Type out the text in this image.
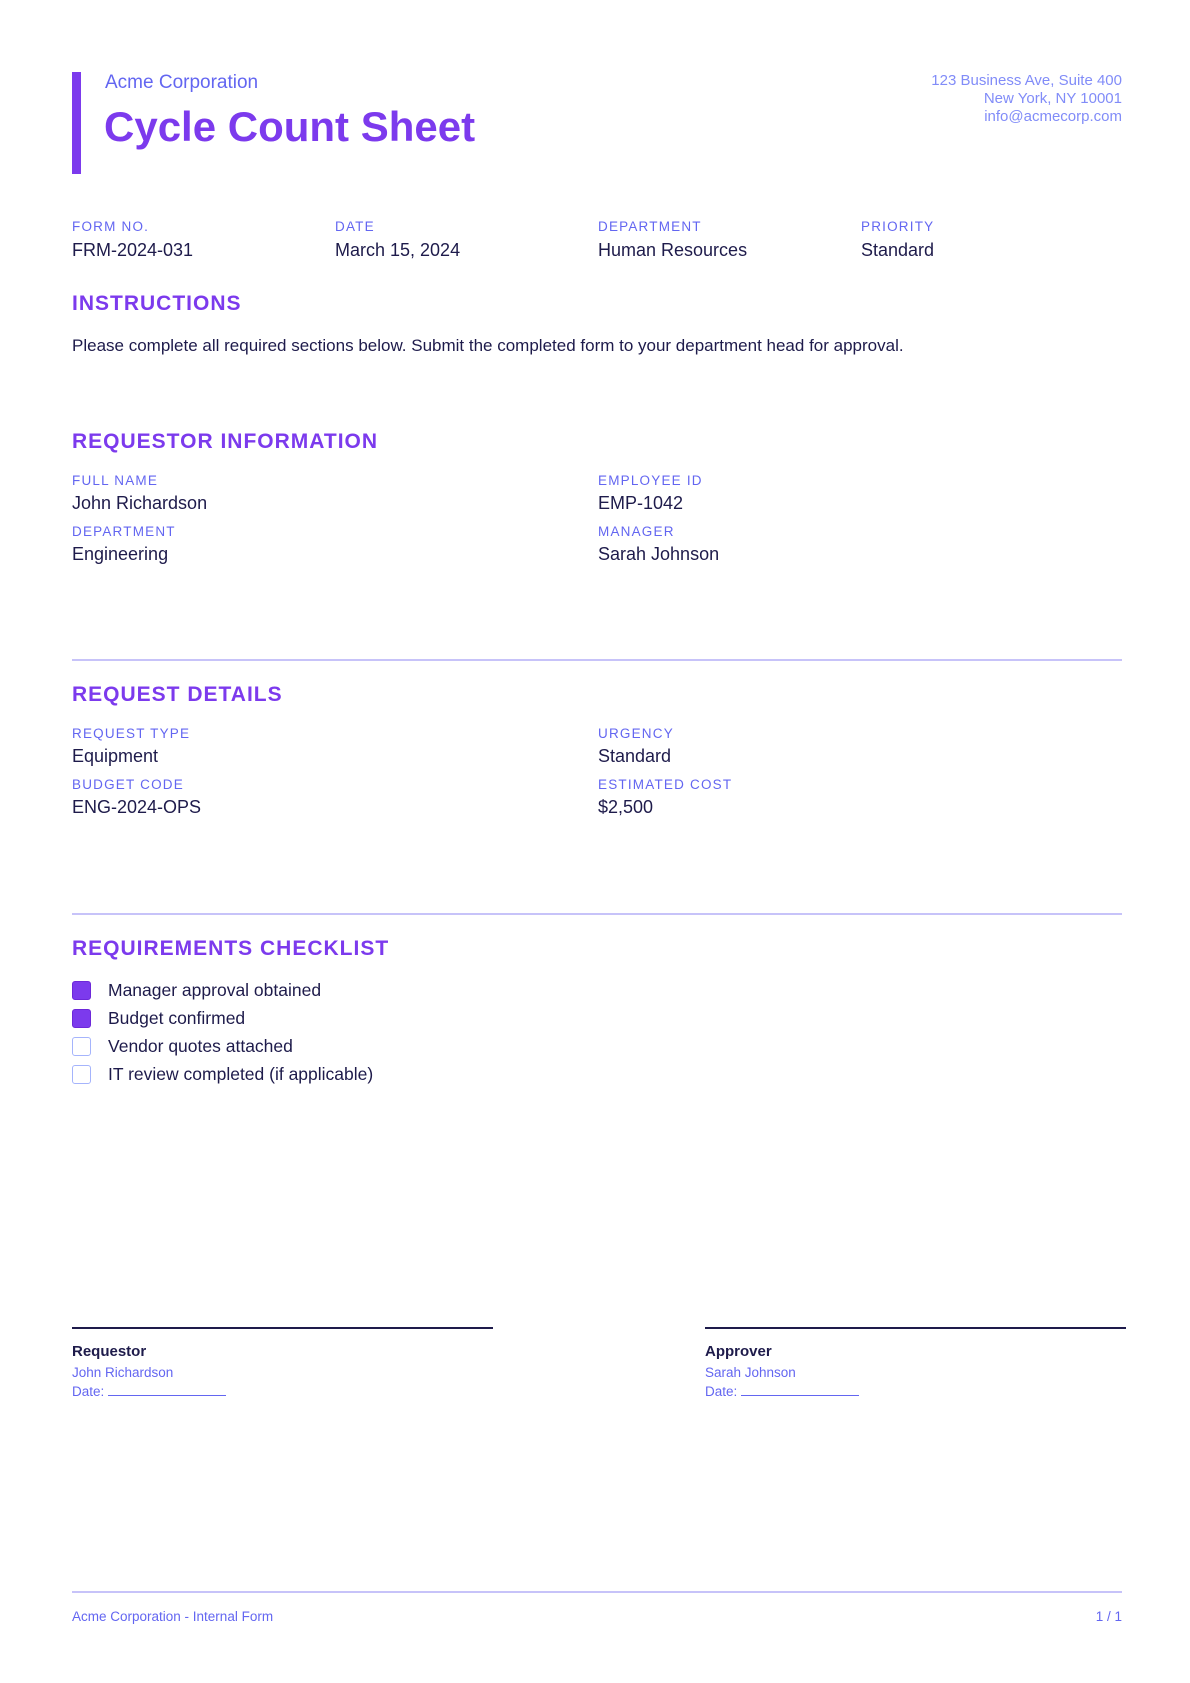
Acme Corporation
Cycle Count Sheet
123 Business Ave, Suite 400
New York, NY 10001
info@acmecorp.com
FORM NO.
FRM-2024-031
DATE
March 15, 2024
DEPARTMENT
Human Resources
PRIORITY
Standard
INSTRUCTIONS
Please complete all required sections below. Submit the completed form to your department head for approval.
REQUESTOR INFORMATION
FULL NAME
John Richardson
EMPLOYEE ID
EMP-1042
DEPARTMENT
Engineering
MANAGER
Sarah Johnson
REQUEST DETAILS
REQUEST TYPE
Equipment
URGENCY
Standard
BUDGET CODE
ENG-2024-OPS
ESTIMATED COST
$2,500
REQUIREMENTS CHECKLIST
Manager approval obtained
Budget confirmed
Vendor quotes attached
IT review completed (if applicable)
Requestor
John Richardson
Date:
Approver
Sarah Johnson
Date:
Acme Corporation - Internal Form	1 / 1
